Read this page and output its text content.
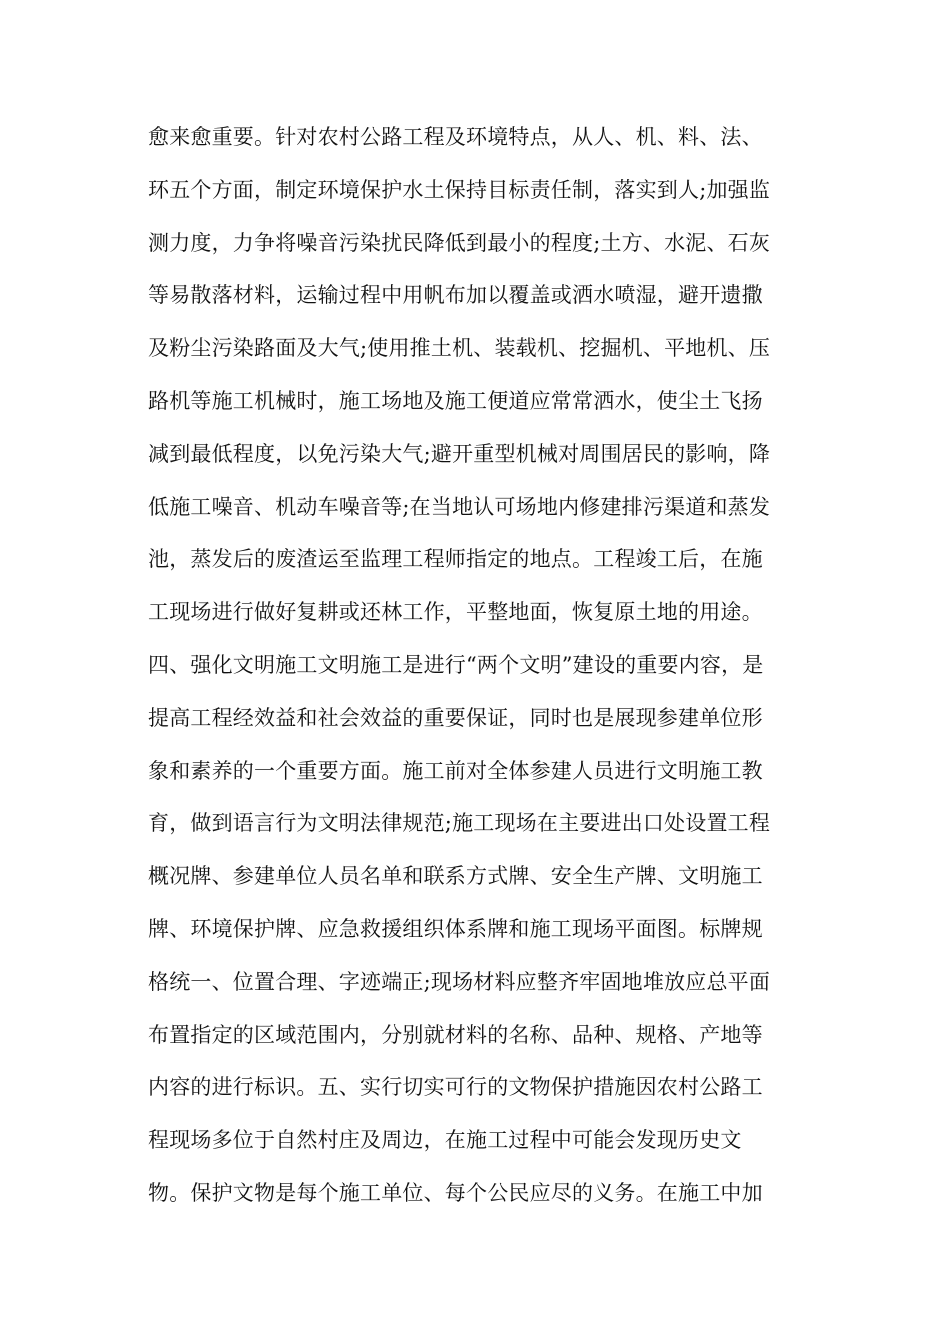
愈来愈重要。针对农村公路工程及环境特点，从人、机、料、法、
环五个方面，制定环境保护水土保持目标责任制，落实到人;加强监
测力度，力争将噪音污染扰民降低到最小的程度;土方、水泥、石灰
等易散落材料，运输过程中用帆布加以覆盖或洒水喷湿，避开遗撒
及粉尘污染路面及大气;使用推土机、装载机、挖掘机、平地机、压
路机等施工机械时，施工场地及施工便道应常常洒水，使尘土飞扬
减到最低程度，以免污染大气;避开重型机械对周围居民的影响，降
低施工噪音、机动车噪音等;在当地认可场地内修建排污渠道和蒸发
池，蒸发后的废渣运至监理工程师指定的地点。工程竣工后，在施
工现场进行做好复耕或还林工作，平整地面，恢复原土地的用途。
四、强化文明施工文明施工是进行“两个文明”建设的重要内容，是
提高工程经效益和社会效益的重要保证，同时也是展现参建单位形
象和素养的一个重要方面。施工前对全体参建人员进行文明施工教
育，做到语言行为文明法律规范;施工现场在主要进出口处设置工程
概况牌、参建单位人员名单和联系方式牌、安全生产牌、文明施工
牌、环境保护牌、应急救援组织体系牌和施工现场平面图。标牌规
格统一、位置合理、字迹端正;现场材料应整齐牢固地堆放应总平面
布置指定的区域范围内，分别就材料的名称、品种、规格、产地等
内容的进行标识。五、实行切实可行的文物保护措施因农村公路工
程现场多位于自然村庄及周边，在施工过程中可能会发现历史文
物。保护文物是每个施工单位、每个公民应尽的义务。在施工中加
